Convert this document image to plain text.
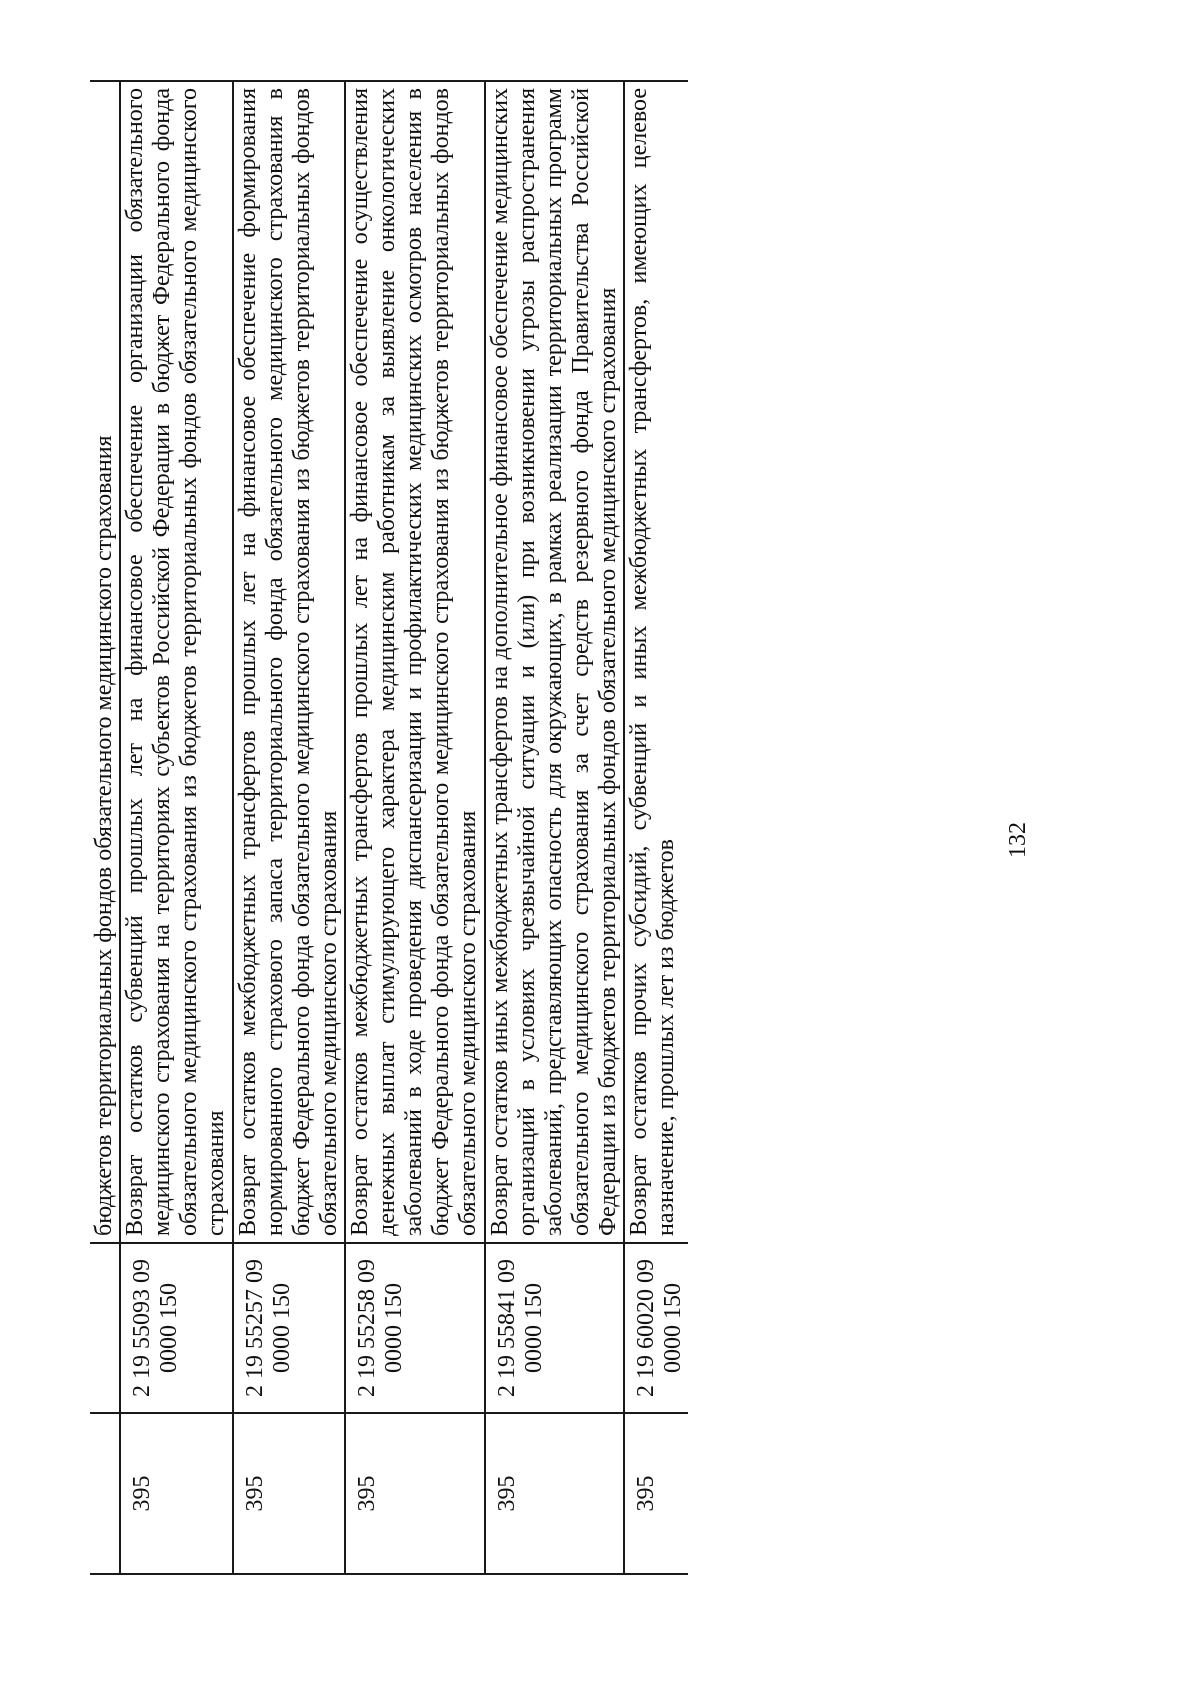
		бюджетов территориальных фондов обязательного медицинского страхования
395	2 19 55093 09 0000 150	Возврат остатков субвенций прошлых лет на финансовое обеспечение организации обязательного медицинского страхования на территориях субъектов Российской Федерации в бюджет Федерального фонда обязательного медицинского страхования из бюджетов территориальных фондов обязательного медицинского страхования
395	2 19 55257 09 0000 150	Возврат остатков межбюджетных трансфертов прошлых лет на финансовое обеспечение формирования нормированного страхового запаса территориального фонда обязательного медицинского страхования в бюджет Федерального фонда обязательного медицинского страхования из бюджетов территориальных фондов обязательного медицинского страхования
395	2 19 55258 09 0000 150	Возврат остатков межбюджетных трансфертов прошлых лет на финансовое обеспечение осуществления денежных выплат стимулирующего характера медицинским работникам за выявление онкологических заболеваний в ходе проведения диспансеризации и профилактических медицинских осмотров населения в бюджет Федерального фонда обязательного медицинского страхования из бюджетов территориальных фондов обязательного медицинского страхования
395	2 19 55841 09 0000 150	Возврат остатков иных межбюджетных трансфертов на дополнительное финансовое обеспечение медицинских организаций в условиях чрезвычайной ситуации и (или) при возникновении угрозы распространения заболеваний, представляющих опасность для окружающих, в рамках реализации территориальных программ обязательного медицинского страхования за счет средств резервного фонда Правительства Российской Федерации из бюджетов территориальных фондов обязательного медицинского страхования
395	2 19 60020 09 0000 150	Возврат остатков прочих субсидий, субвенций и иных межбюджетных трансфертов, имеющих целевое назначение, прошлых лет из бюджетов	132
